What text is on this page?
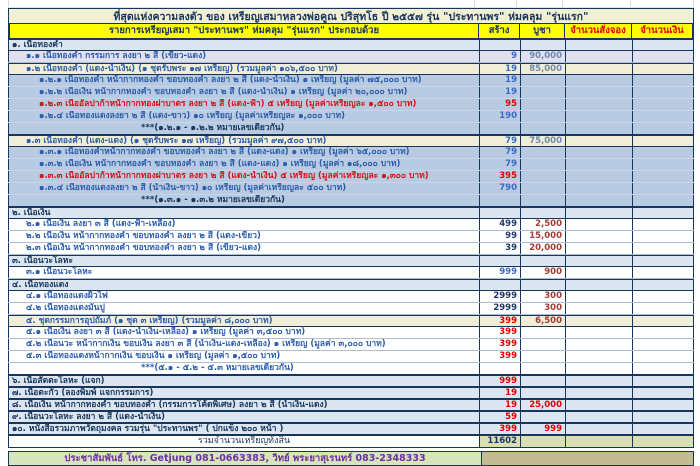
ที่สุดแห่งความลงตัว ของ เหรียญเสมาหลวงพ่อคูณ ปริสุทโธ ปี ๒๕๕๗ รุ่น "ประทานพร" ห่มคลุม "รุ่นแรก"
รายการเหรียญเสมา "ประทานพร" ห่มคลุม "รุ่นแรก" ประกอบด้วย	สร้าง	บูชา	จำนวนสั่งจอง	จำนวนเงิน
๑. เนื้อทองคำ
๑.๑ เนื้อทองคำ กรรมการ ลงยา ๒ สี (เขียว-แดง)	9	90,000
๑.๒ เนื้อทองคำ (แดง-น้ำเงิน) (๑ ชุดรับพระ ๑๗ เหรียญ) (รวมมูลค่า ๑๐๖,๕๐๐ บาท)	19	85,000
๑.๒.๑ เนื้อทองคำ หน้ากากทองคำ ขอบทองคำ ลงยา ๒ สี (แดง-น้ำเงิน) ๑ เหรียญ (มูลค่า ๗๕,๐๐๐ บาท)	19
๑.๒.๒ เนื้อเงิน หน้ากากทองคำ ขอบทองคำ ลงยา ๒ สี (แดง-น้ำเงิน) ๑ เหรียญ (มูลค่า ๒๐,๐๐๐ บาท)	19
๑.๒.๓ เนื้ออัลปาก้าหน้ากากทองฝาบาตร ลงยา ๒ สี (แดง-ฟ้า) ๕ เหรียญ (มูลค่าเหรียญละ ๑,๕๐๐ บาท)	95
๑.๒.๔ เนื้อทองแดงลงยา ๒ สี (แดง-ขาว) ๑๐ เหรียญ (มูลค่าเหรียญละ ๑,๐๐๐ บาท)	190
***(๑.๒.๑ - ๑.๒.๒ หมายเลขเดียวกัน)
๑.๓ เนื้อทองคำ (แดง-แดง) (๑ ชุดรับพระ ๑๗ เหรียญ) (รวมมูลค่า ๙๗,๕๐๐ บาท)	79	75,000
๑.๓.๑ เนื้อทองคำหน้ากากทองคำ ขอบทองคำ ลงยา ๒ สี (แดง-แดง) ๑ เหรียญ (มูลค่า ๖๕,๐๐๐ บาท)	79
๑.๓.๒ เนื้อเงิน หน้ากากทองคำ ขอบทองคำ ลงยา ๒ สี (แดง-แดง) ๑ เหรียญ (มูลค่า ๑๘,๐๐๐ บาท)	79
๑.๓.๓ เนื้ออัลปาก้าหน้ากากทองฝาบาตร ลงยา ๒ สี (แดง-น้ำเงิน) ๕ เหรียญ (มูลค่าเหรียญละ ๑,๓๐๐ บาท)	395
๑.๓.๔ เนื้อทองแดงลงยา ๒ สี (น้ำเงิน-ขาว) ๑๐ เหรียญ (มูลค่าเหรียญละ ๕๐๐ บาท)	790
***(๑.๓.๑ - ๑.๓.๒ หมายเลขเดียวกัน)
๒. เนื้อเงิน
๒.๑ เนื้อเงิน ลงยา ๓ สี (แดง-ฟ้า-เหลือง)	499	2,500
๒.๒ เนื้อเงิน หน้ากากทองคำ ขอบทองคำ ลงยา ๒ สี (แดง-เขียว)	99	15,000
๒.๓ เนื้อเงิน หน้ากากทองคำ ขอบทองคำ ลงยา ๒ สี (เขียว-แดง)	39	20,000
๓. เนื้อนวะโลหะ
๓.๑ เนื้อนวะโลหะ	999	900
๔. เนื้อทองแดง
๔.๑ เนื้อทองแดงผิวไฟ	2999	300
๔.๒ เนื้อทองแดงมันปู	2999	300
๕. ชุดกรรมการอุปถัมภ์ (๑ ชุด ๓ เหรียญ) (รวมมูลค่า ๘,๐๐๐ บาท)	399	6,500
๕.๑ เนื้อเงิน ลงยา ๓ สี (แดง-น้ำเงิน-เหลือง) ๑ เหรียญ (มูลค่า ๓,๕๐๐ บาท)	399
๕.๒ เนื้อนวะ หน้ากากเงิน ขอบเงิน ลงยา ๓ สี (น้ำเงิน-แดง-เหลือง) ๑ เหรียญ (มูลค่า ๓,๐๐๐ บาท)	399
๕.๓ เนื้อทองแดงหน้ากากเงิน ขอบเงิน ๑ เหรียญ (มูลค่า ๑,๕๐๐ บาท)	399
***(๕.๑ - ๕.๒ - ๕.๓ หมายเลขเดียวกัน)
๖. เนื้อสัตตะโลหะ (แจก)	999
๗. เนื้อตะกั่ว (ลองพิมพ์ แจกกรรมการ)	19
๘. เนื้อเงิน หน้ากากทองคำ ขอบทองคำ (กรรมการโค้ดพิเศษ) ลงยา ๒ สี (น้ำเงิน-แดง)	19	25,000
๙. เนื้อนวะโลหะ ลงยา ๒ สี (แดง-น้ำเงิน)	59
๑๐. หนังสือรวมภาพวัตถุมงคล รวมรุ่น "ประทานพร" ( ปกแข็ง ๒๐๐ หน้า )	399	999
รวมจำนวนเหรียญทั้งสิ้น	11602
ประชาสัมพันธ์ โทร. Getjung 081-0663383, วิทย์ พระยาสุเรนทร์ 083-2348333
